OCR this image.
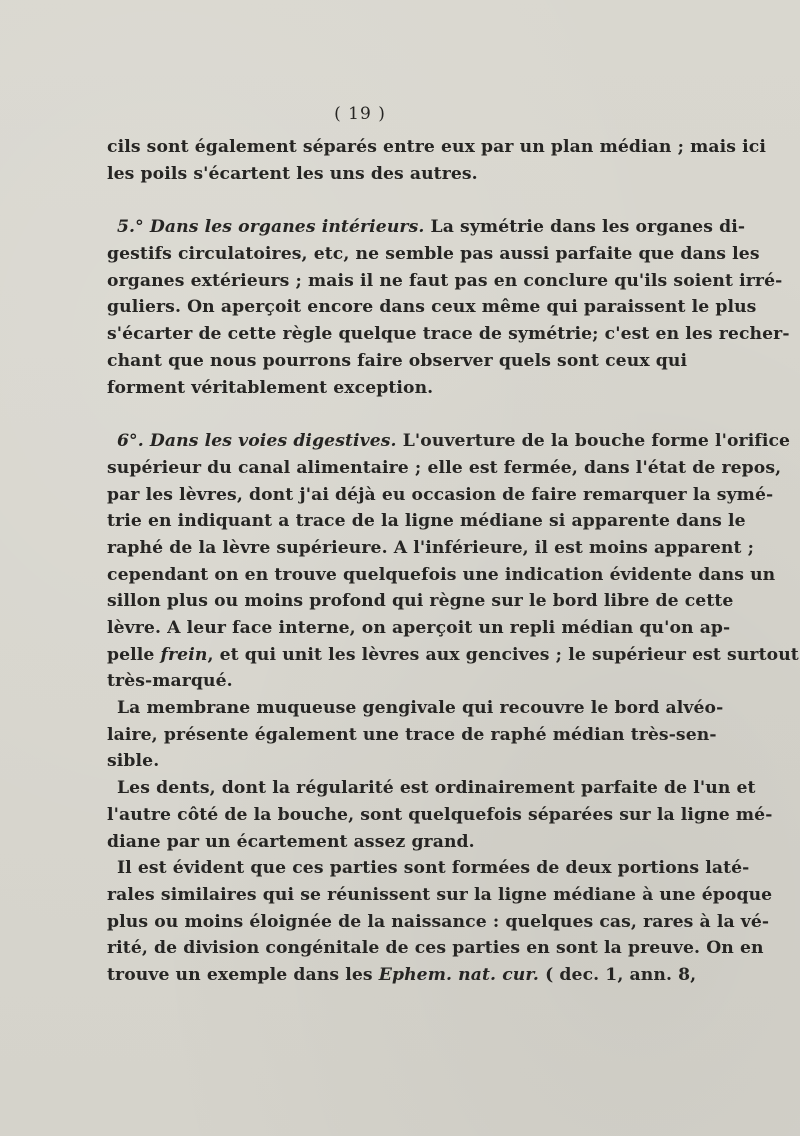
( 19 )
cils sont également séparés entre eux par un plan médian ; mais ici
les poils s'écartent les uns des autres.
5.° Dans les organes intérieurs. La symétrie dans les organes di-
gestifs circulatoires, etc, ne semble pas aussi parfaite que dans les
organes extérieurs ; mais il ne faut pas en conclure qu'ils soient irré-
guliers. On aperçoit encore dans ceux même qui paraissent le plus
s'écarter de cette règle quelque trace de symétrie; c'est en les recher-
chant que nous pourrons faire observer quels sont ceux qui
forment véritablement exception.
6°. Dans les voies digestives. L'ouverture de la bouche forme l'orifice
supérieur du canal alimentaire ; elle est fermée, dans l'état de repos,
par les lèvres, dont j'ai déjà eu occasion de faire remarquer la symé-
trie en indiquant a trace de la ligne médiane si apparente dans le
raphé de la lèvre supérieure. A l'inférieure, il est moins apparent ;
cependant on en trouve quelquefois une indication évidente dans un
sillon plus ou moins profond qui règne sur le bord libre de cette
lèvre. A leur face interne, on aperçoit un repli médian qu'on ap-
pelle frein, et qui unit les lèvres aux gencives ; le supérieur est surtout
très-marqué.
La membrane muqueuse gengivale qui recouvre le bord alvéo-
laire, présente également une trace de raphé médian très-sen-
sible.
Les dents, dont la régularité est ordinairement parfaite de l'un et
l'autre côté de la bouche, sont quelquefois séparées sur la ligne mé-
diane par un écartement assez grand.
Il est évident que ces parties sont formées de deux portions laté-
rales similaires qui se réunissent sur la ligne médiane à une époque
plus ou moins éloignée de la naissance : quelques cas, rares à la vé-
rité, de division congénitale de ces parties en sont la preuve. On en
trouve un exemple dans les Ephem. nat. cur. ( dec. 1, ann. 8,
